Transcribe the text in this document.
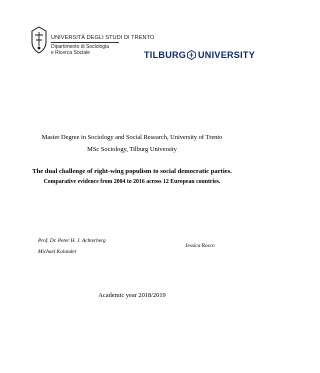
UNIVERSITÀ DEGLI STUDI DI TRENTO
Dipartimento di Sociologia
e Ricerca Sociale	TILBURG UNIVERSITY
Master Degree in Sociology and Social Research, University of Trento
MSc Sociology, Tilburg University
The dual challenge of right-wing populism to social democratic parties.
Comparative evidence from 2004 to 2016 across 12 European countries.
Prof. Dr. Peter H. J. Achterberg
Michael Kolander
Jessica Rosco
Academic year 2018/2019
